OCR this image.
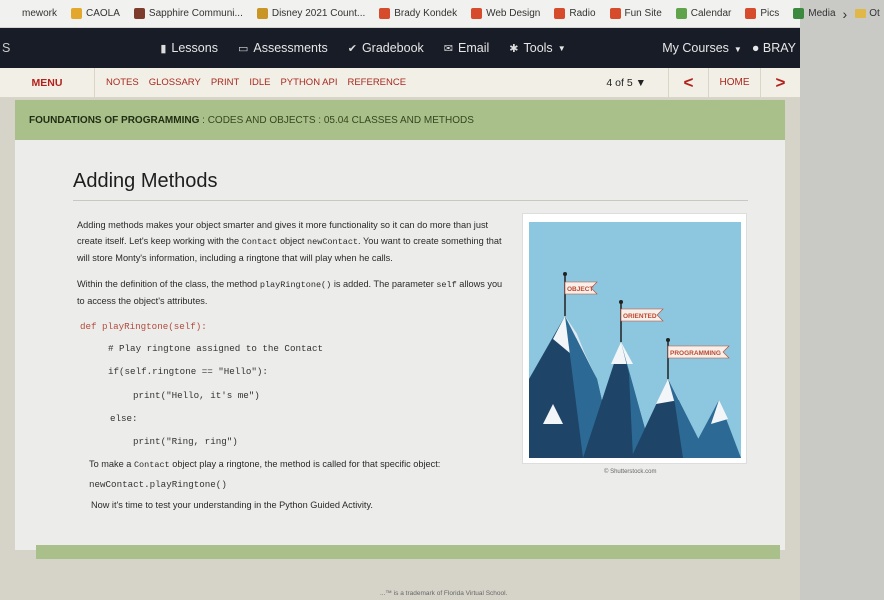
mework	CAOLA	Sapphire Communi...	Disney 2021 Count...	Brady Kondek	Web Design	Radio	Fun Site	Calendar	Pics	Media › Ot
S	▮ Lessons ▭ Assessments ✔ Gradebook ✉ Email ✱ Tools ▼	My Courses ▼ ● BRAY
MENU	NOTES GLOSSARY PRINT IDLE PYTHON API REFERENCE	4 of 5 ▼	<	HOME	>
FOUNDATIONS OF PROGRAMMING
: CODES AND OBJECTS : 05.04 CLASSES AND METHODS
Adding Methods
Adding methods makes your object smarter and gives it more functionality so it can do more than just create itself. Let's keep working with the Contact object newContact. You want to create something that will store Monty's information, including a ringtone that will play when he calls.
Within the definition of the class, the method playRingtone() is added. The parameter self allows you to access the object's attributes.
def playRingtone(self):
# Play ringtone assigned to the Contact
if(self.ringtone == "Hello"):
print("Hello, it's me")
else:
print("Ring, ring")
To make a Contact object play a ringtone, the method is called for that specific object:
newContact.playRingtone()
Now it's time to test your understanding in the Python Guided Activity.
OBJECT
ORIENTED
PROGRAMMING
© Shutterstock.com
...™ is a trademark of Florida Virtual School.
